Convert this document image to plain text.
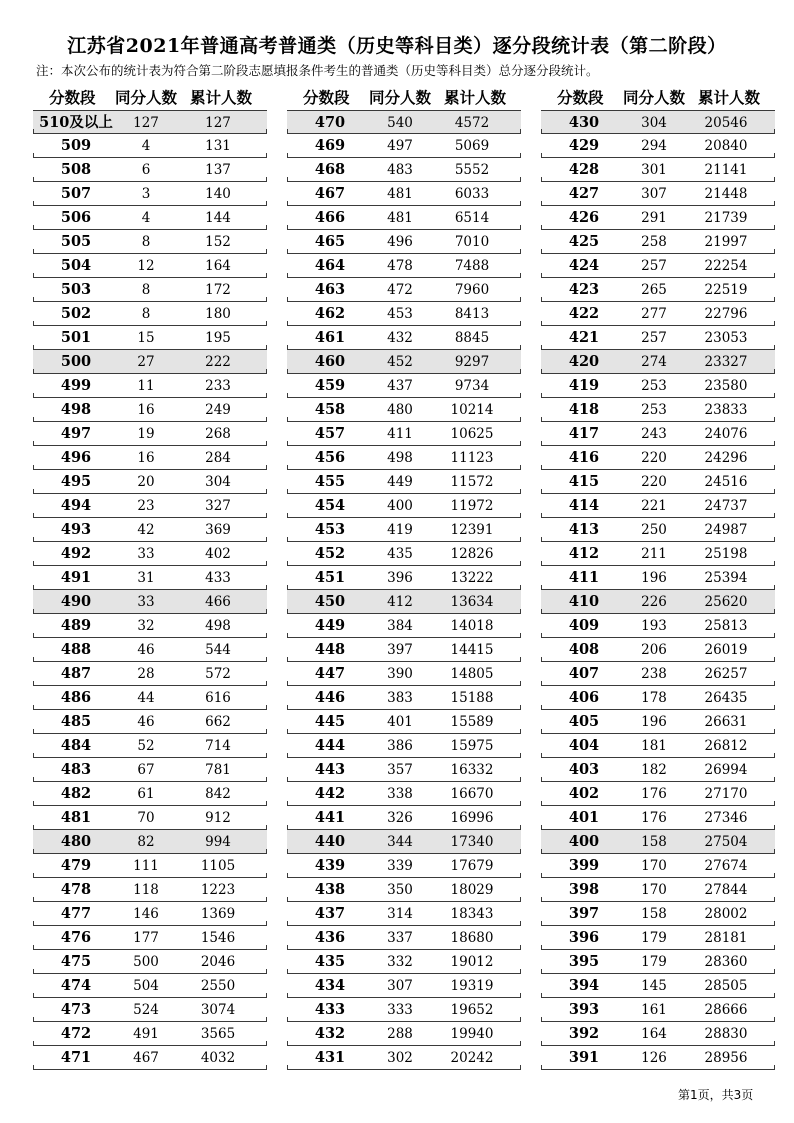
江苏省2021年普通高考普通类（历史等科目类）逐分段统计表（第二阶段）
注：本次公布的统计表为符合第二阶段志愿填报条件考生的普通类（历史等科目类）总分逐分段统计。
分数段 同分人数 累计人数
510及以上	127	127
509	4	131
508	6	137
507	3	140
506	4	144
505	8	152
504	12	164
503	8	172
502	8	180
501	15	195
500	27	222
499	11	233
498	16	249
497	19	268
496	16	284
495	20	304
494	23	327
493	42	369
492	33	402
491	31	433
490	33	466
489	32	498
488	46	544
487	28	572
486	44	616
485	46	662
484	52	714
483	67	781
482	61	842
481	70	912
480	82	994
479	111	1105
478	118	1223
477	146	1369
476	177	1546
475	500	2046
474	504	2550
473	524	3074
472	491	3565
471	467	4032
分数段 同分人数 累计人数
470	540	4572
469	497	5069
468	483	5552
467	481	6033
466	481	6514
465	496	7010
464	478	7488
463	472	7960
462	453	8413
461	432	8845
460	452	9297
459	437	9734
458	480	10214
457	411	10625
456	498	11123
455	449	11572
454	400	11972
453	419	12391
452	435	12826
451	396	13222
450	412	13634
449	384	14018
448	397	14415
447	390	14805
446	383	15188
445	401	15589
444	386	15975
443	357	16332
442	338	16670
441	326	16996
440	344	17340
439	339	17679
438	350	18029
437	314	18343
436	337	18680
435	332	19012
434	307	19319
433	333	19652
432	288	19940
431	302	20242
分数段 同分人数 累计人数
430	304	20546
429	294	20840
428	301	21141
427	307	21448
426	291	21739
425	258	21997
424	257	22254
423	265	22519
422	277	22796
421	257	23053
420	274	23327
419	253	23580
418	253	23833
417	243	24076
416	220	24296
415	220	24516
414	221	24737
413	250	24987
412	211	25198
411	196	25394
410	226	25620
409	193	25813
408	206	26019
407	238	26257
406	178	26435
405	196	26631
404	181	26812
403	182	26994
402	176	27170
401	176	27346
400	158	27504
399	170	27674
398	170	27844
397	158	28002
396	179	28181
395	179	28360
394	145	28505
393	161	28666
392	164	28830
391	126	28956
第1页，共3页
